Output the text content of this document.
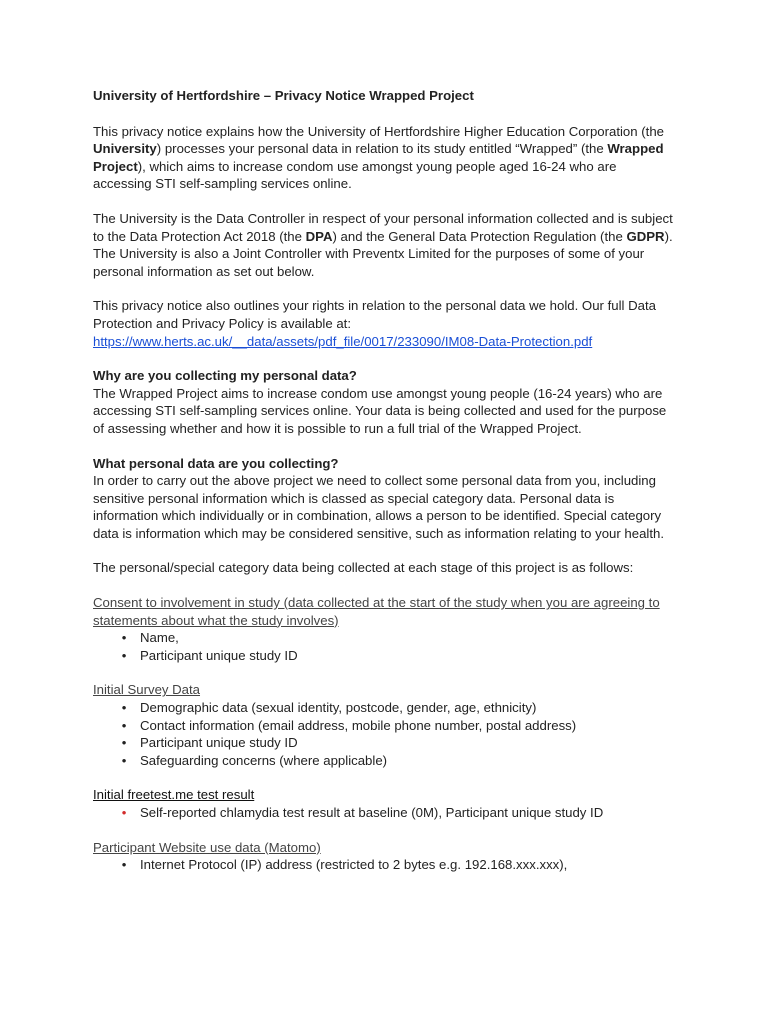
University of Hertfordshire – Privacy Notice Wrapped Project

This privacy notice explains how the University of Hertfordshire Higher Education Corporation (the University) processes your personal data in relation to its study entitled “Wrapped” (the Wrapped Project), which aims to increase condom use amongst young people aged 16-24 who are accessing STI self-sampling services online.

The University is the Data Controller in respect of your personal information collected and is subject to the Data Protection Act 2018 (the DPA) and the General Data Protection Regulation (the GDPR). The University is also a Joint Controller with Preventx Limited for the purposes of some of your personal information as set out below.

This privacy notice also outlines your rights in relation to the personal data we hold. Our full Data Protection and Privacy Policy is available at:
https://www.herts.ac.uk/__data/assets/pdf_file/0017/233090/IM08-Data-Protection.pdf

Why are you collecting my personal data?
The Wrapped Project aims to increase condom use amongst young people (16-24 years) who are accessing STI self-sampling services online. Your data is being collected and used for the purpose of assessing whether and how it is possible to run a full trial of the Wrapped Project.
What personal data are you collecting?
In order to carry out the above project we need to collect some personal data from you, including sensitive personal information which is classed as special category data. Personal data is information which individually or in combination, allows a person to be identified. Special category data is information which may be considered sensitive, such as information relating to your health.

The personal/special category data being collected at each stage of this project is as follows:

Consent to involvement in study (data collected at the start of the study when you are agreeing to statements about what the study involves)
• Name,
• Participant unique study ID
Initial Survey Data
• Demographic data (sexual identity, postcode, gender, age, ethnicity)
• Contact information (email address, mobile phone number, postal address)
• Participant unique study ID
• Safeguarding concerns (where applicable)
Initial freetest.me test result
• Self-reported chlamydia test result at baseline (0M), Participant unique study ID
Participant Website use data (Matomo)
• Internet Protocol (IP) address (restricted to 2 bytes e.g. 192.168.xxx.xxx),
